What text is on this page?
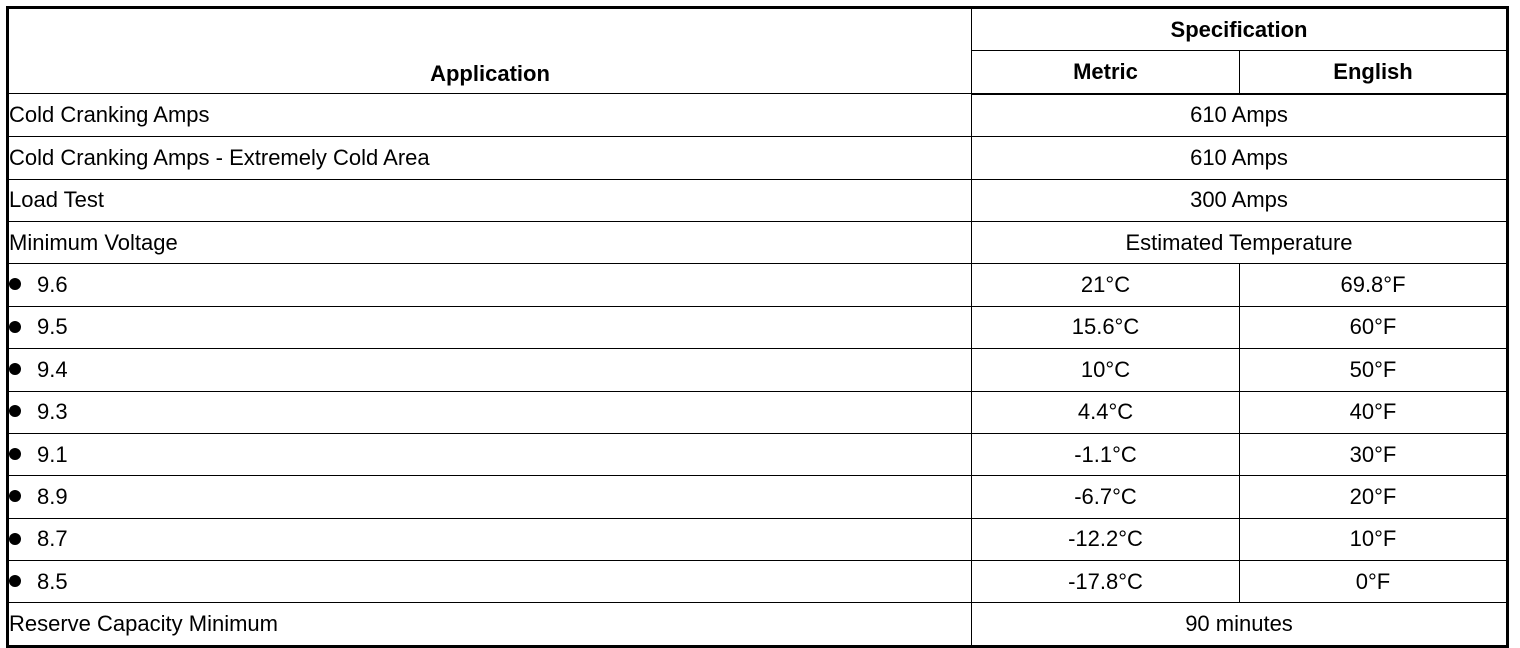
Application	Specification	
	Metric	English
Cold Cranking Amps	610 Amps	
Cold Cranking Amps - Extremely Cold Area	610 Amps	
Load Test	300 Amps	
Minimum Voltage	Estimated Temperature	
9.6	21°C	69.8°F
9.5	15.6°C	60°F
9.4	10°C	50°F
9.3	4.4°C	40°F
9.1	-1.1°C	30°F
8.9	-6.7°C	20°F
8.7	-12.2°C	10°F
8.5	-17.8°C	0°F
Reserve Capacity Minimum	90 minutes	
